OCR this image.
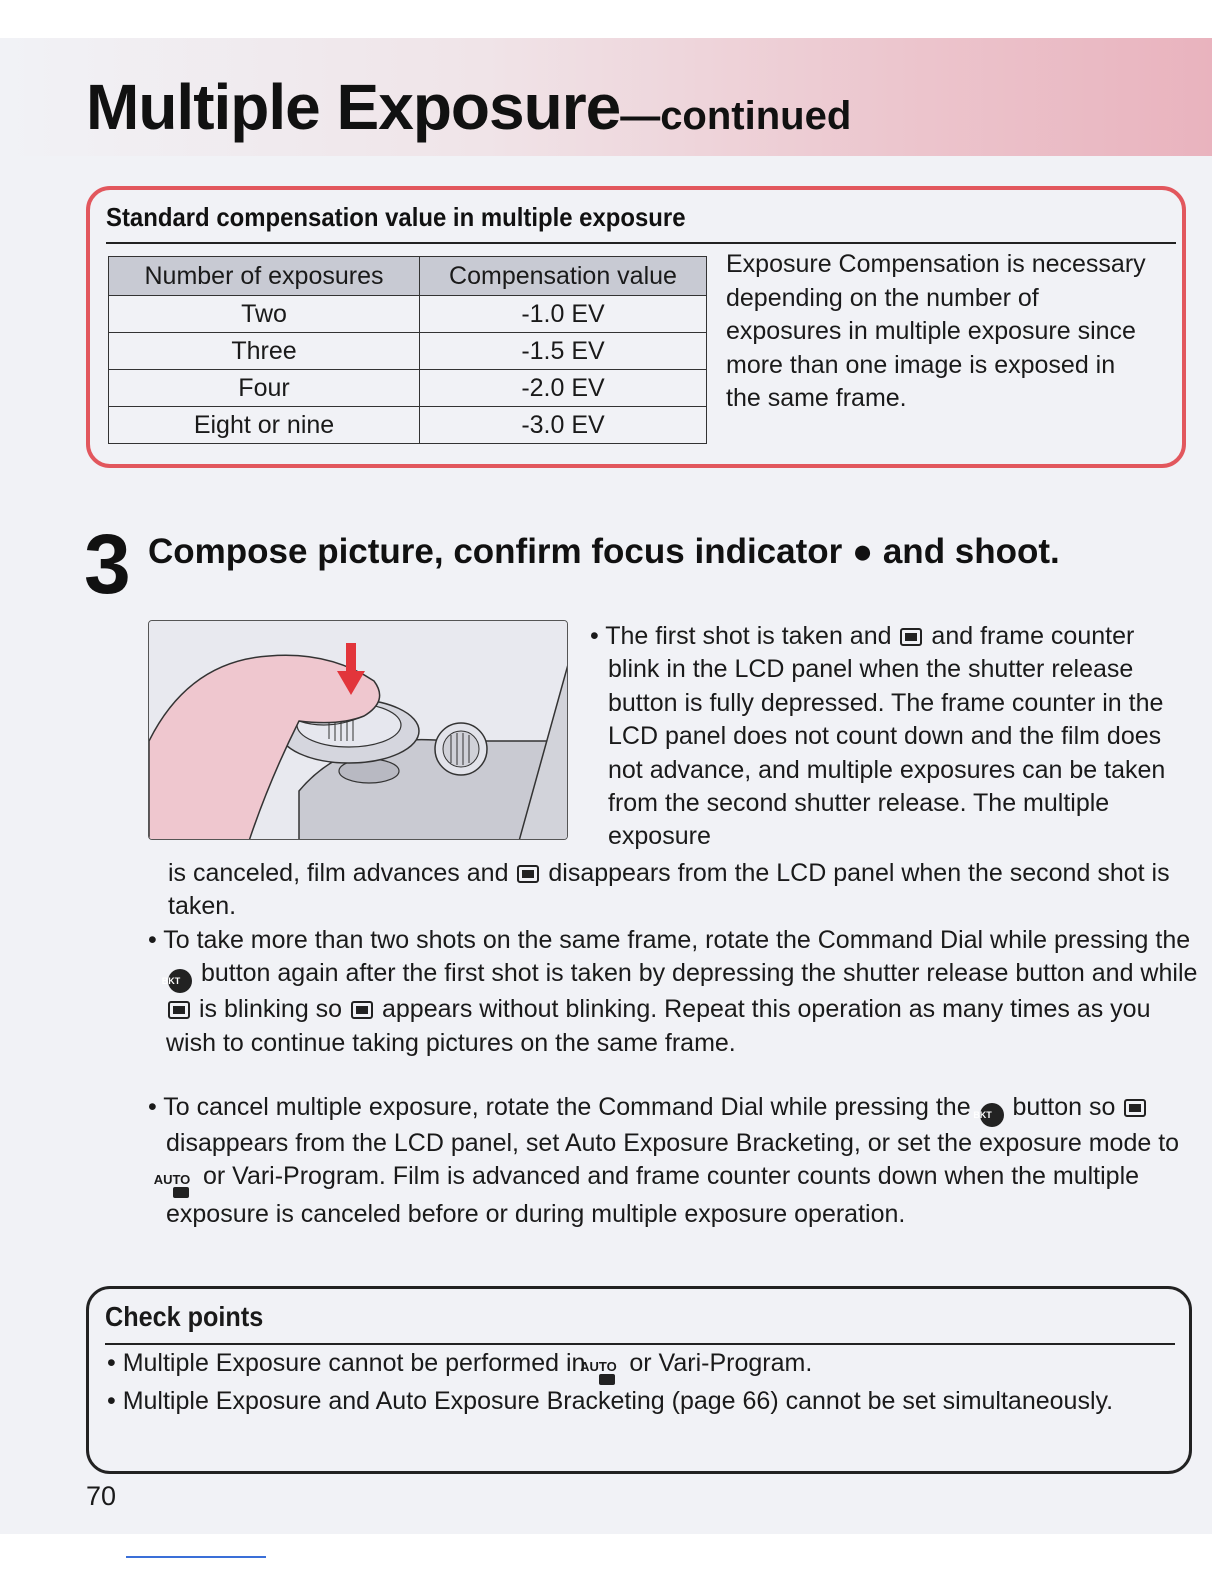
Multiple Exposure—continued
Standard compensation value in multiple exposure
Number of exposures	Compensation value
Two	-1.0 EV
Three	-1.5 EV
Four	-2.0 EV
Eight or nine	-3.0 EV

Exposure Compensation is necessary depending on the number of exposures in multiple exposure since more than one image is exposed in the same frame.

3 Compose picture, confirm focus indicator ● and shoot.
• The first shot is taken and and frame counter blink in the LCD panel when the shutter release button is fully depressed. The frame counter in the LCD panel does not count down and the film does not advance, and multiple exposures can be taken from the second shutter release. The multiple exposure
is canceled, film advances and disappears from the LCD panel when the second shot is taken.
• To take more than two shots on the same frame, rotate the Command Dial while pressing the BKT button again after the first shot is taken by depressing the shutter release button and while  is blinking so appears without blinking. Repeat this operation as many times as you wish to continue taking pictures on the same frame.
• To cancel multiple exposure, rotate the Command Dial while pressing the BKT button so  disappears from the LCD panel, set Auto Exposure Bracketing, or set the exposure mode to AUTO or Vari-Program. Film is advanced and frame counter counts down when the multiple exposure is canceled before or during multiple exposure operation.
Check points
• Multiple Exposure cannot be performed in AUTO or Vari-Program.
• Multiple Exposure and Auto Exposure Bracketing (page 66) cannot be set simultaneously.

70
